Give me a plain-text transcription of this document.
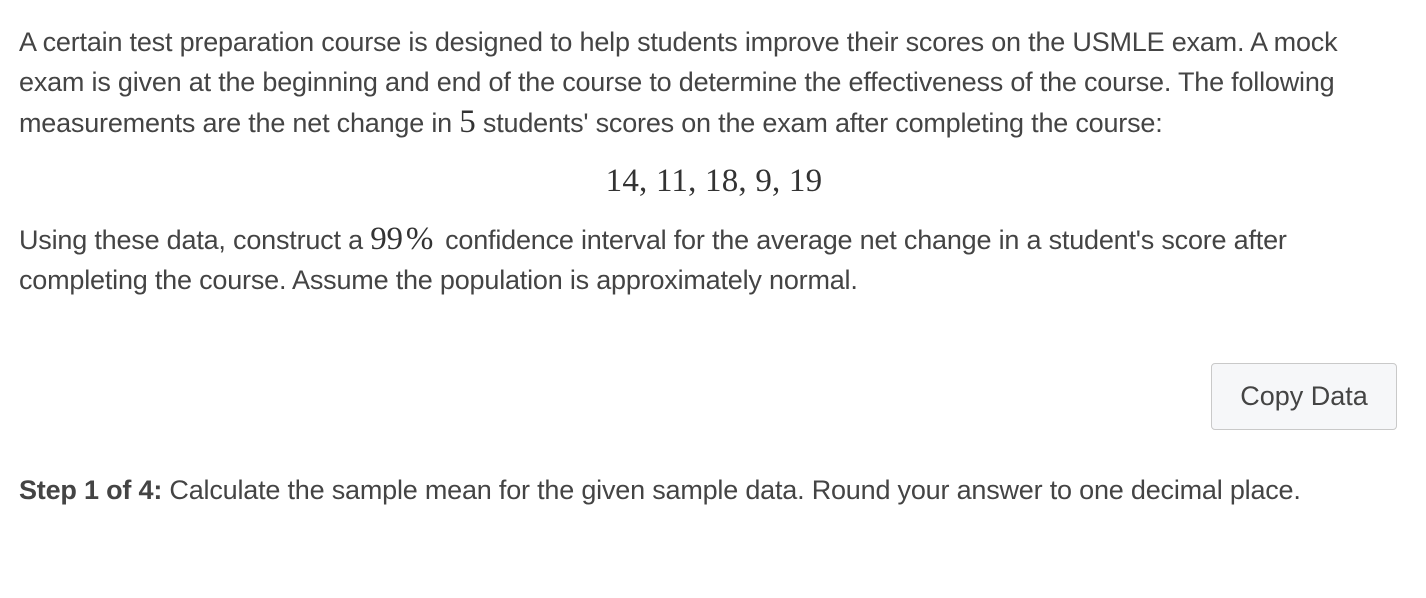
A certain test preparation course is designed to help students improve their scores on the USMLE exam. A mock exam is given at the beginning and end of the course to determine the effectiveness of the course. The following measurements are the net change in 5 students' scores on the exam after completing the course:

14, 11, 18, 9, 19

Using these data, construct a 99% confidence interval for the average net change in a student's score after completing the course. Assume the population is approximately normal.

Copy Data

Step 1 of 4: Calculate the sample mean for the given sample data. Round your answer to one decimal place.
